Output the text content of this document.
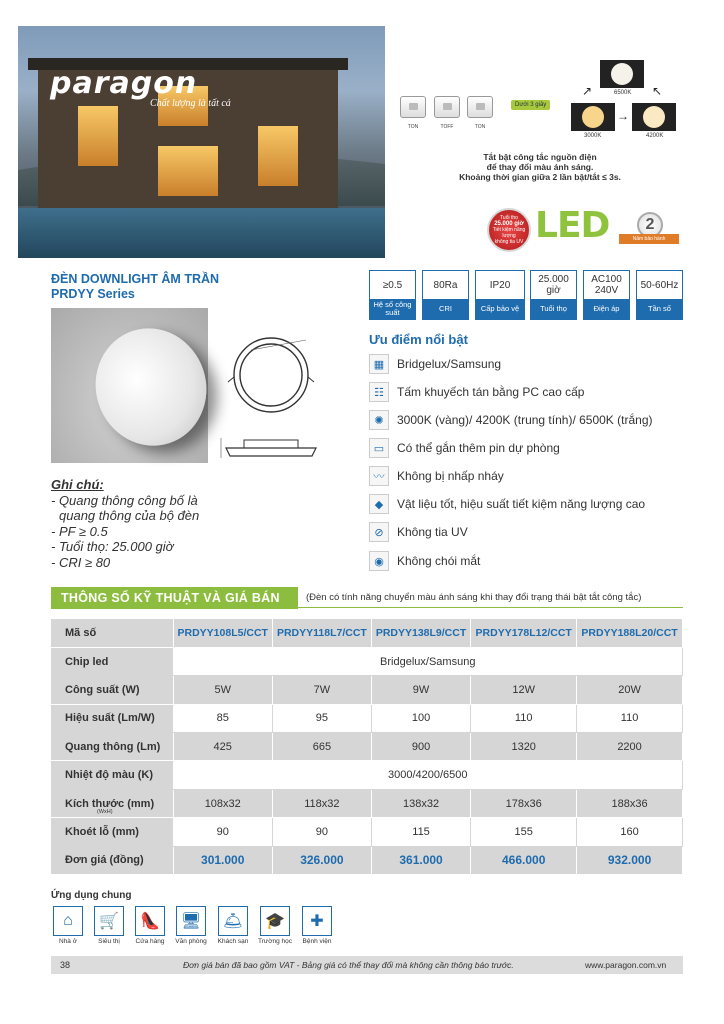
paragon
Chất lượng là tất cả
TON	TOFF	TON
Dưới 3 giây
6500K
3000K	4200K
↗
→
↖
Tắt bật công tắc nguồn điện
để thay đổi màu ánh sáng.
Khoảng thời gian giữa 2 lần bật/tắt ≤ 3s.
Tuổi thọ
25.000 giờ
Tiết kiệm năng lượng
không tia UV LED	2
Năm bảo hành
ĐÈN DOWNLIGHT ÂM TRẦN
PRDYY Series
≥0.5
Hệ số công suất
80Ra
CRI
IP20
Cấp bảo vệ
25.000 giờ
Tuổi thọ
AC100 240V
Điện áp
50-60Hz
Tần số
Ghi chú:
- Quang thông công bố là
quang thông của bộ đèn
- PF ≥ 0.5
- Tuổi thọ: 25.000 giờ
- CRI ≥ 80
Ưu điểm nổi bật
▦	Bridgelux/Samsung
☷	Tấm khuyếch tán bằng PC cao cấp
✺	3000K (vàng)/ 4200K (trung tính)/ 6500K (trắng)
▭	Có thể gắn thêm pin dự phòng
〰	Không bị nhấp nháy
◆	Vật liệu tốt, hiệu suất tiết kiệm năng lượng cao
⊘	Không tia UV
◉	Không chói mắt
THÔNG SỐ KỸ THUẬT VÀ GIÁ BÁN	(Đèn có tính năng chuyển màu ánh sáng khi thay đổi trạng thái bật tắt công tắc)
Mã số	PRDYY108L5/CCT	PRDYY118L7/CCT	PRDYY138L9/CCT	PRDYY178L12/CCT	PRDYY188L20/CCT
Chip led	Bridgelux/Samsung				
Công suất (W)	5W	7W	9W	12W	20W
Hiệu suất (Lm/W)	85	95	100	110	110
Quang thông (Lm)	425	665	900	1320	2200
Nhiệt độ màu (K)	3000/4200/6500				
Kích thước (mm)
(WxH)	108x32	118x32	138x32	178x36	188x36
Khoét lỗ (mm)	90	90	115	155	160
Đơn giá (đồng)	301.000	326.000	361.000	466.000	932.000
Ứng dụng chung
⌂
Nhà ở
🛒
Siêu thị
👠
Cửa hàng
🖥
Văn phòng
🛎
Khách sạn
🎓
Trường học
✚
Bệnh viện
38	Đơn giá bán đã bao gồm VAT - Bảng giá có thể thay đổi mà không cần thông báo trước.	www.paragon.com.vn
